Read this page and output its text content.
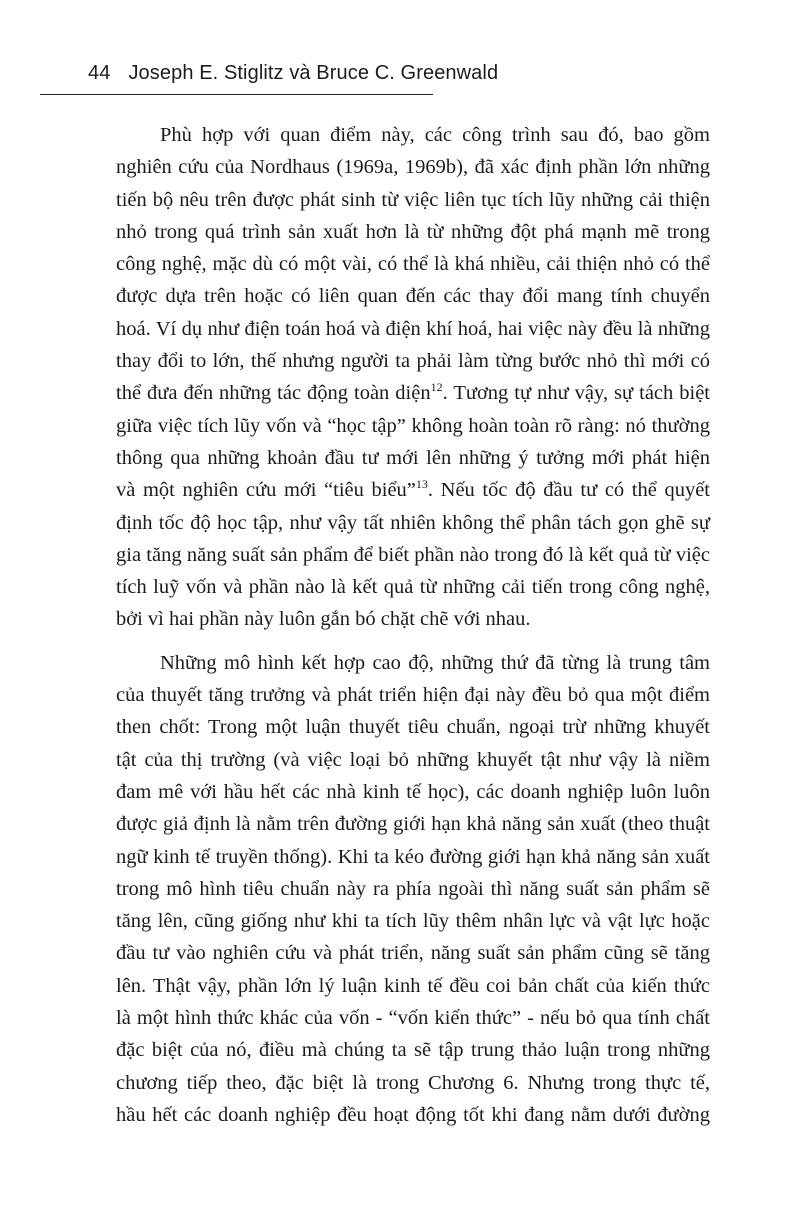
44 Joseph E. Stiglitz và Bruce C. Greenwald
Phù hợp với quan điểm này, các công trình sau đó, bao gồm
nghiên cứu của Nordhaus (1969a, 1969b), đã xác định phần lớn những
tiến bộ nêu trên được phát sinh từ việc liên tục tích lũy những cải thiện
nhỏ trong quá trình sản xuất hơn là từ những đột phá mạnh mẽ trong
công nghệ, mặc dù có một vài, có thể là khá nhiều, cải thiện nhỏ có thể
được dựa trên hoặc có liên quan đến các thay đổi mang tính chuyển
hoá. Ví dụ như điện toán hoá và điện khí hoá, hai việc này đều là những
thay đổi to lớn, thế nhưng người ta phải làm từng bước nhỏ thì mới có
thể đưa đến những tác động toàn diện$^{12}$. Tương tự như vậy, sự tách biệt
giữa việc tích lũy vốn và “học tập” không hoàn toàn rõ ràng: nó thường
thông qua những khoản đầu tư mới lên những ý tưởng mới phát hiện
và một nghiên cứu mới “tiêu biểu”$^{13}$. Nếu tốc độ đầu tư có thể quyết
định tốc độ học tập, như vậy tất nhiên không thể phân tách gọn ghẽ sự
gia tăng năng suất sản phẩm để biết phần nào trong đó là kết quả từ việc
tích luỹ vốn và phần nào là kết quả từ những cải tiến trong công nghệ,
bởi vì hai phần này luôn gắn bó chặt chẽ với nhau.
Những mô hình kết hợp cao độ, những thứ đã từng là trung tâm
của thuyết tăng trưởng và phát triển hiện đại này đều bỏ qua một điểm
then chốt: Trong một luận thuyết tiêu chuẩn, ngoại trừ những khuyết
tật của thị trường (và việc loại bỏ những khuyết tật như vậy là niềm
đam mê với hầu hết các nhà kinh tế học), các doanh nghiệp luôn luôn
được giả định là nằm trên đường giới hạn khả năng sản xuất (theo thuật
ngữ kinh tế truyền thống). Khi ta kéo đường giới hạn khả năng sản xuất
trong mô hình tiêu chuẩn này ra phía ngoài thì năng suất sản phẩm sẽ
tăng lên, cũng giống như khi ta tích lũy thêm nhân lực và vật lực hoặc
đầu tư vào nghiên cứu và phát triển, năng suất sản phẩm cũng sẽ tăng
lên. Thật vậy, phần lớn lý luận kinh tế đều coi bản chất của kiến thức
là một hình thức khác của vốn - “vốn kiến thức” - nếu bỏ qua tính chất
đặc biệt của nó, điều mà chúng ta sẽ tập trung thảo luận trong những
chương tiếp theo, đặc biệt là trong Chương 6. Nhưng trong thực tế,
hầu hết các doanh nghiệp đều hoạt động tốt khi đang nằm dưới đường
